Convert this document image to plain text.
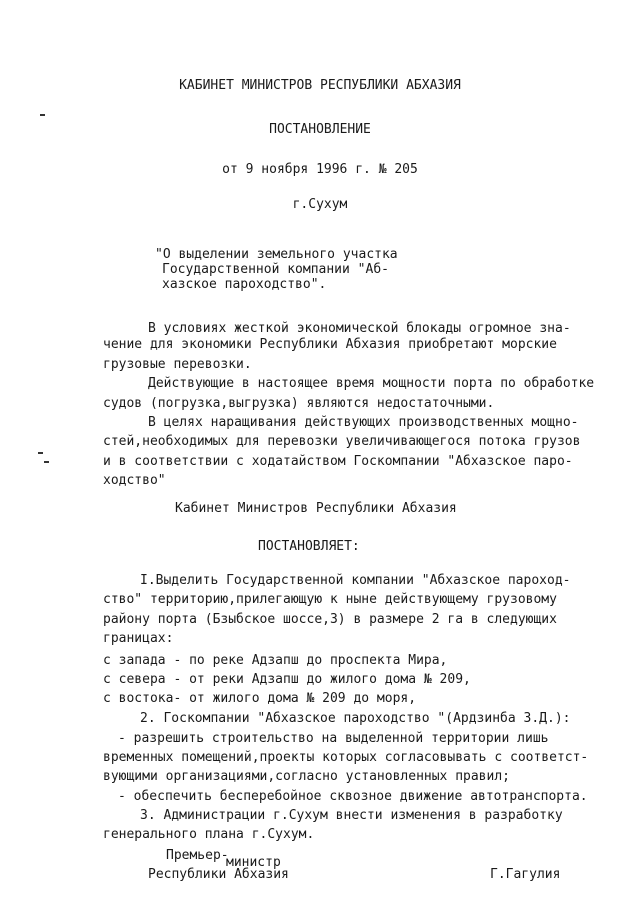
КАБИНЕТ МИНИСТРОВ РЕСПУБЛИКИ АБХАЗИЯ
ПОСТАНОВЛЕНИЕ
от 9 ноября 1996 г. № 205
г.Сухум
"О выделении земельного участка
Государственной компании "Аб-
хазское пароходство".
В условиях жесткой экономической блокады огромное зна-
чение для экономики Республики Абхазия приобретают морские
грузовые перевозки.
Действующие в настоящее время мощности порта по обработке
судов (погрузка,выгрузка) являются недостаточными.
В целях наращивания действующих производственных мощно-
стей,необходимых для перевозки увеличивающегося потока грузов
и в соответствии с ходатайством Госкомпании "Абхазское паро-
ходство"
Кабинет Министров Республики Абхазия
ПОСТАНОВЛЯЕТ:
I.Выделить Государственной компании "Абхазское пароход-
ство" территорию,прилегающую к ныне действующему грузовому
району порта (Бзыбское шоссе,3) в размере 2 га в следующих
границах:
с запада - по реке Адзапш до проспекта Мира,
с севера - от реки Адзапш до жилого дома № 209,
с востока- от жилого дома № 209 до моря,
2. Госкомпании "Абхазское пароходство "(Ардзинба З.Д.):
- разрешить строительство на выделенной территории лишь
временных помещений,проекты которых согласовывать с соответст-
вующими организациями,согласно установленных правил;
- обеспечить бесперебойное сквозное движение автотранспорта.
3. Администрации г.Сухум внести изменения в разработку
генерального плана г.Сухум.
Премьер-
министр
Республики Абхазия	Г.Гагулия
